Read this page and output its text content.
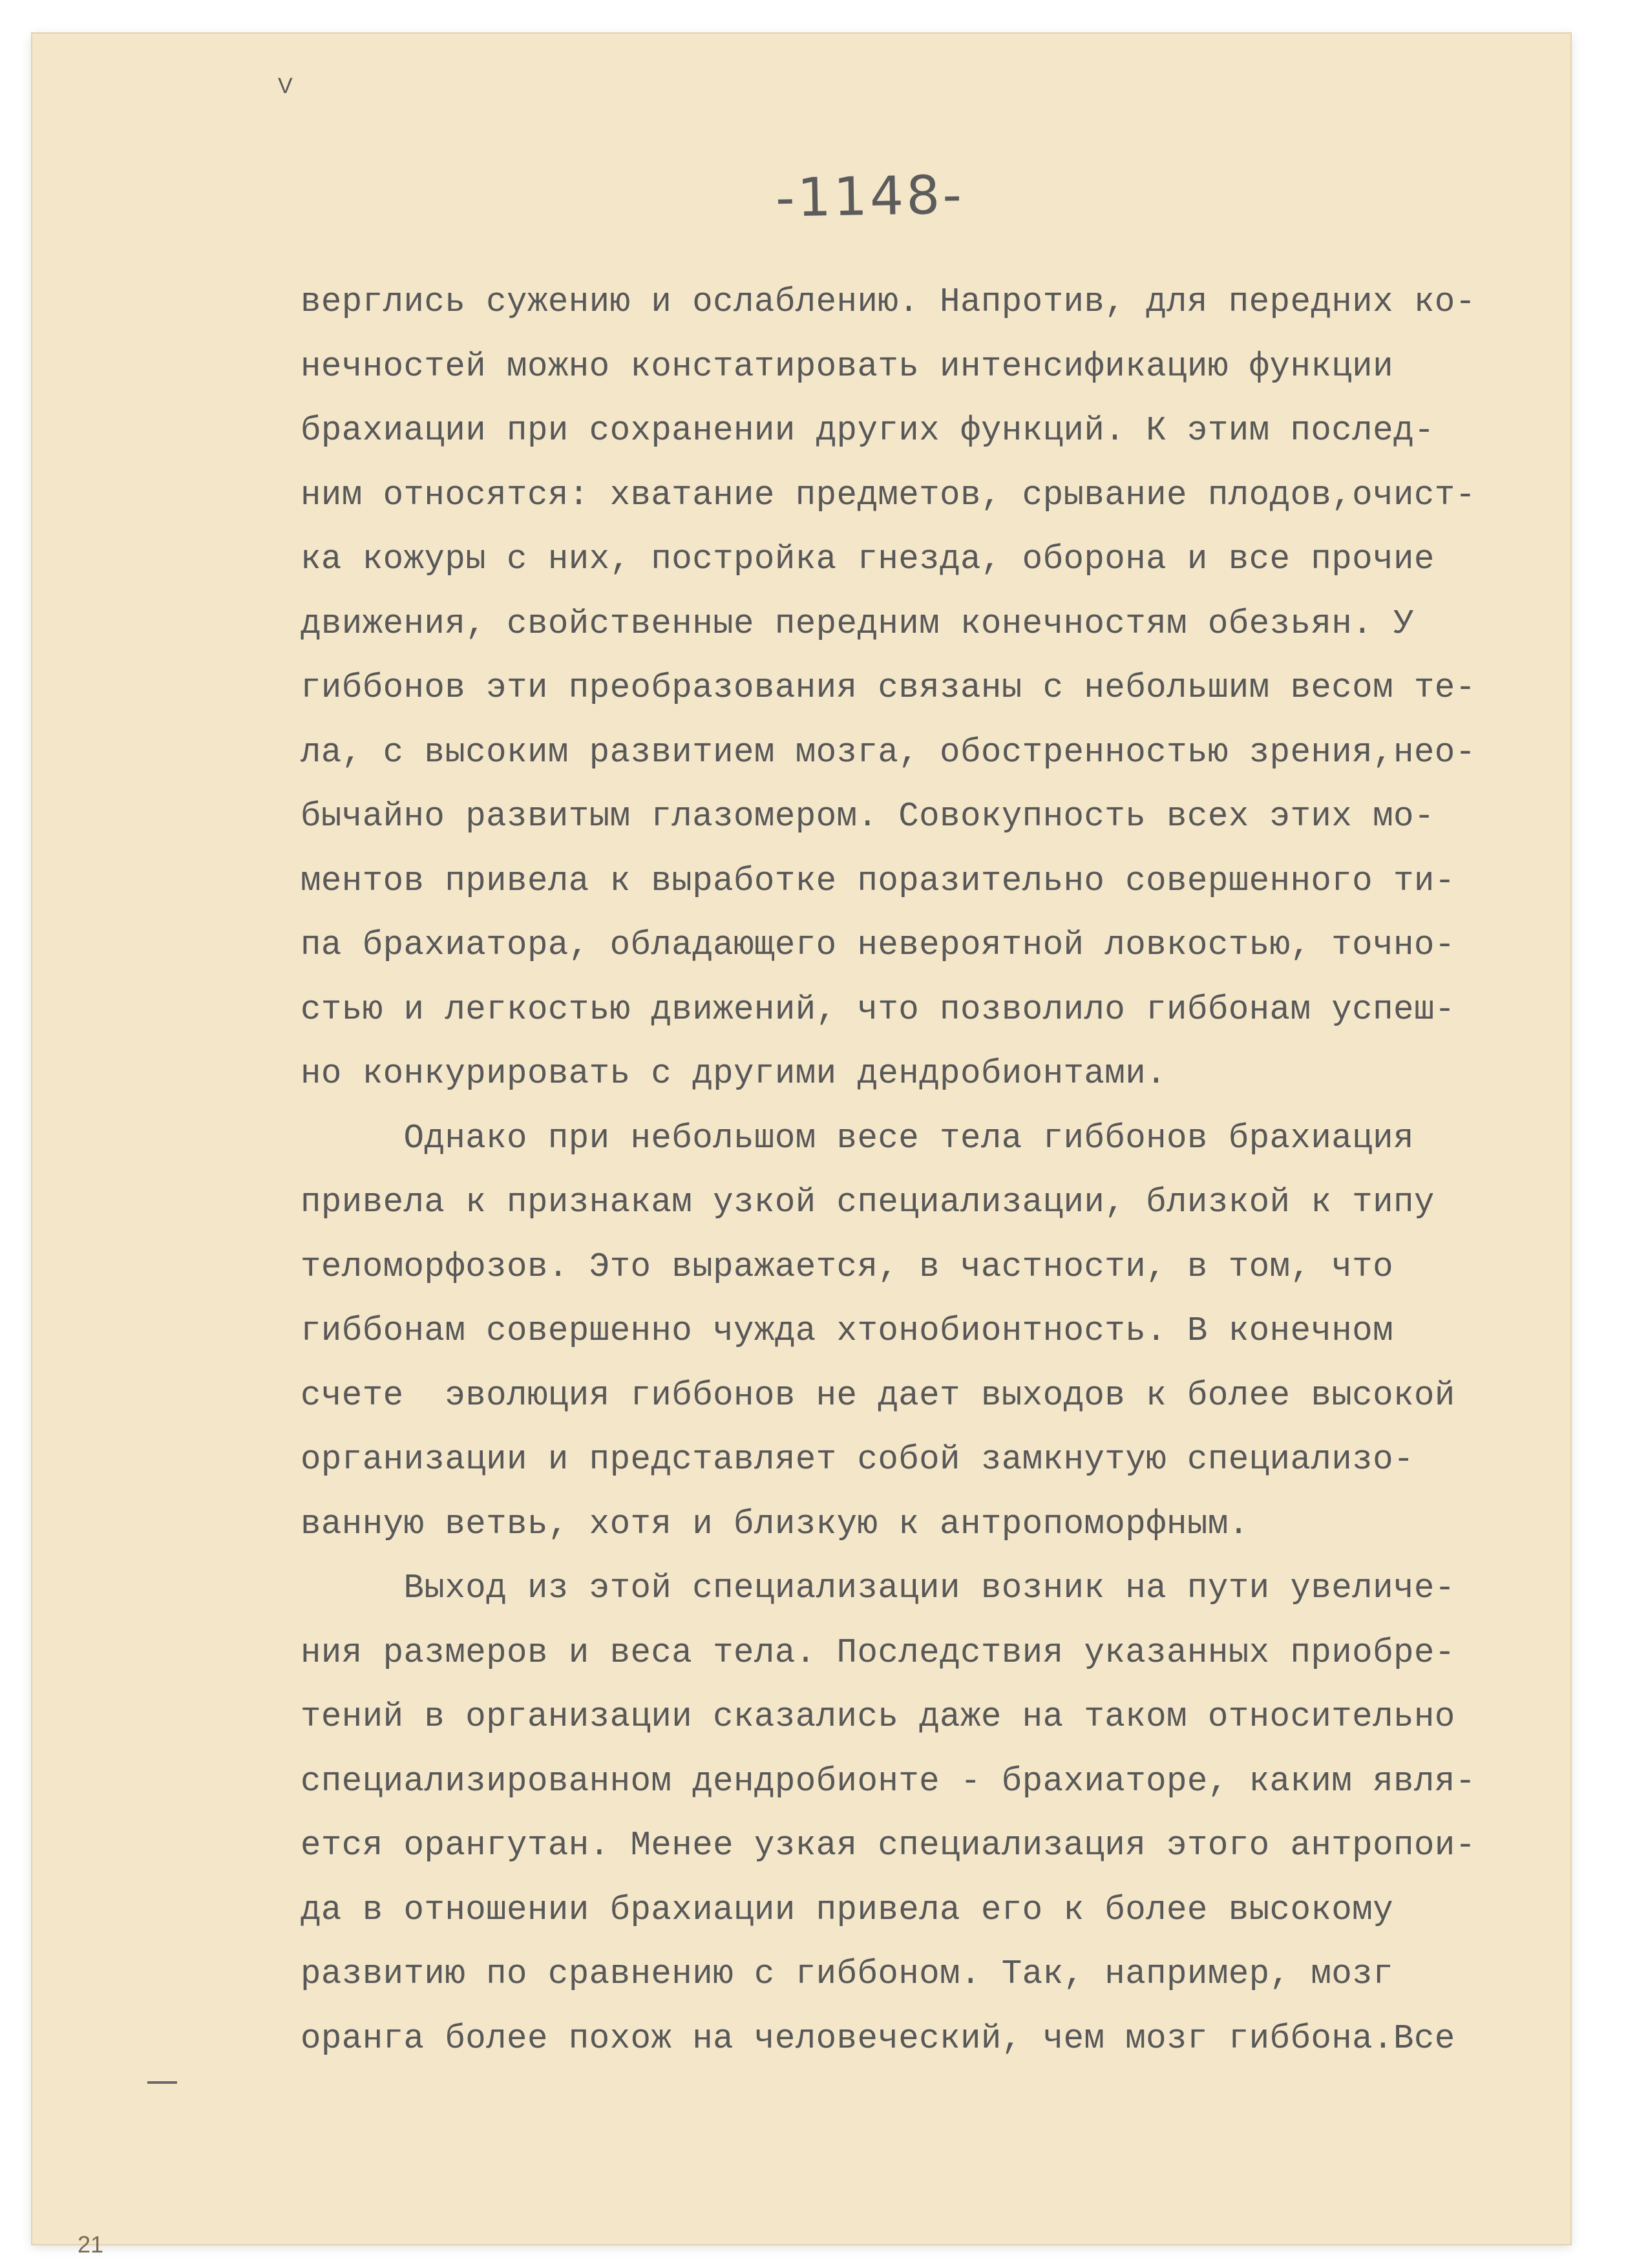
V
-1148-
21
верглись сужению и ослаблению. Напротив, для передних ко-
нечностей можно констатировать интенсификацию функции
брахиации при сохранении других функций. К этим послед-
ним относятся: хватание предметов, срывание плодов,очист-
ка кожуры с них, постройка гнезда, оборона и все прочие
движения, свойственные передним конечностям обезьян. У
гиббонов эти преобразования связаны с небольшим весом те-
ла, с высоким развитием мозга, обостренностью зрения,нео-
бычайно развитым глазомером. Совокупность всех этих мо-
ментов привела к выработке поразительно совершенного ти-
па брахиатора, обладающего невероятной ловкостью, точно-
стью и легкостью движений, что позволило гиббонам успеш-
но конкурировать с другими дендробионтами.
Однако при небольшом весе тела гиббонов брахиация
привела к признакам узкой специализации, близкой к типу
теломорфозов. Это выражается, в частности, в том, что
гиббонам совершенно чужда хтонобионтность. В конечном
счете  эволюция гиббонов не дает выходов к более высокой
организации и представляет собой замкнутую специализо-
ванную ветвь, хотя и близкую к антропоморфным.
Выход из этой специализации возник на пути увеличе-
ния размеров и веса тела. Последствия указанных приобре-
тений в организации сказались даже на таком относительно
специализированном дендробионте - брахиаторе, каким явля-
ется орангутан. Менее узкая специализация этого антропои-
да в отношении брахиации привела его к более высокому
развитию по сравнению с гиббоном. Так, например, мозг
оранга более похож на человеческий, чем мозг гиббона.Все
